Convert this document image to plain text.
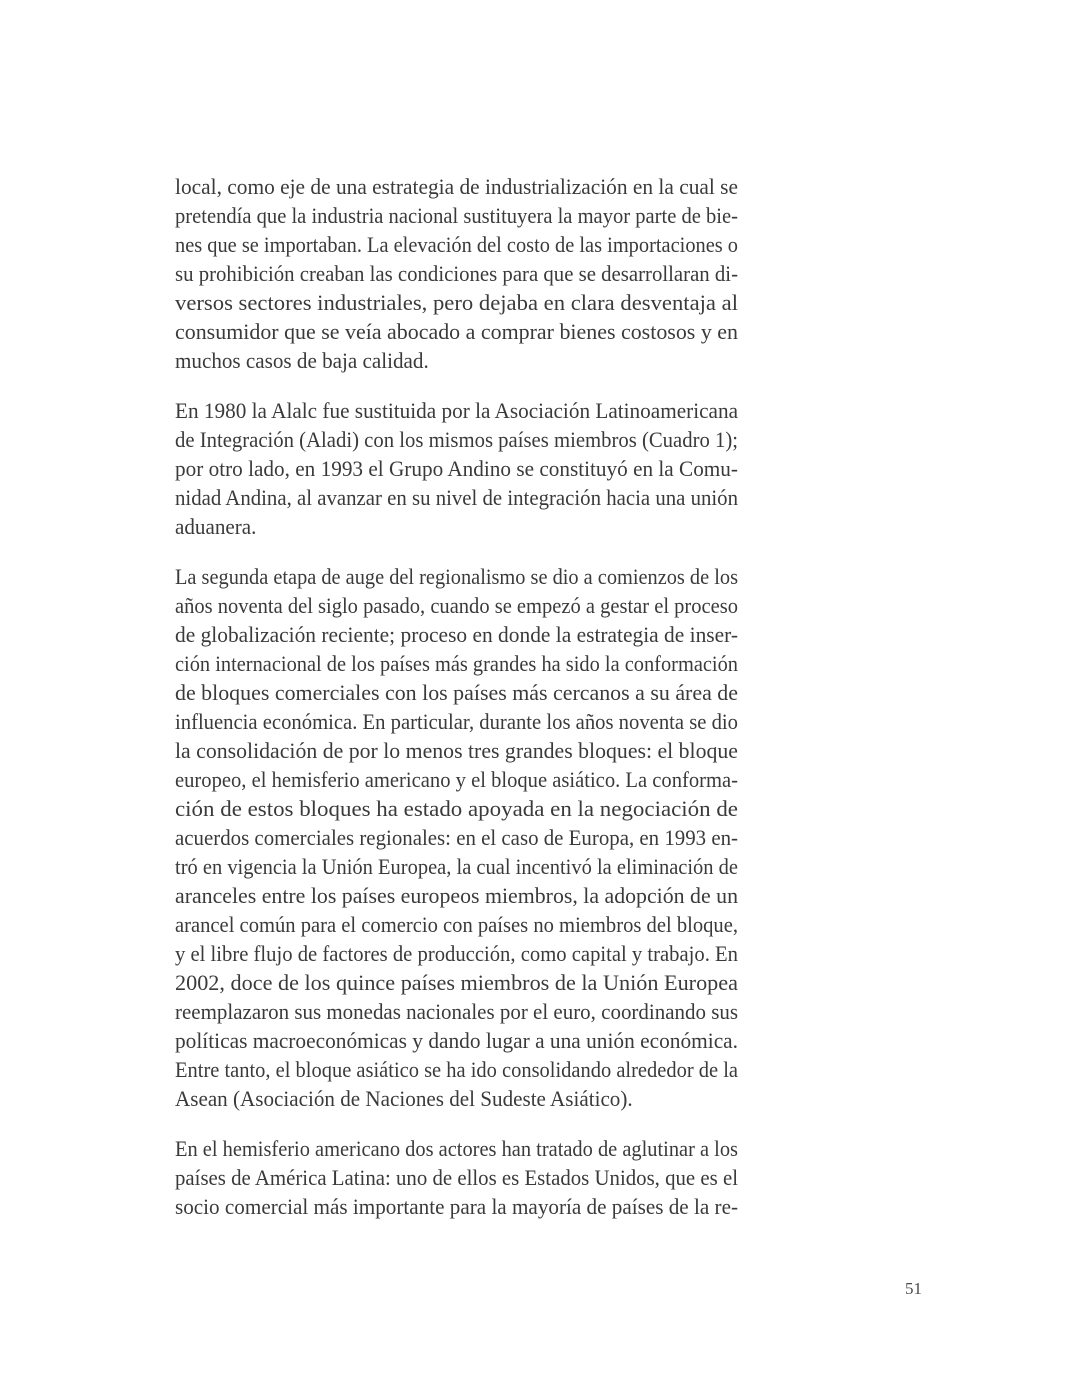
local, como eje de una estrategia de industrialización en la cual se
pretendía que la industria nacional sustituyera la mayor parte de bie-
nes que se importaban. La elevación del costo de las importaciones o
su prohibición creaban las condiciones para que se desarrollaran di-
versos sectores industriales, pero dejaba en clara desventaja al
consumidor que se veía abocado a comprar bienes costosos y en
muchos casos de baja calidad.
En 1980 la Alalc fue sustituida por la Asociación Latinoamericana
de Integración (Aladi) con los mismos países miembros (Cuadro 1);
por otro lado, en 1993 el Grupo Andino se constituyó en la Comu-
nidad Andina, al avanzar en su nivel de integración hacia una unión
aduanera.
La segunda etapa de auge del regionalismo se dio a comienzos de los
años noventa del siglo pasado, cuando se empezó a gestar el proceso
de globalización reciente; proceso en donde la estrategia de inser-
ción internacional de los países más grandes ha sido la conformación
de bloques comerciales con los países más cercanos a su área de
influencia económica. En particular, durante los años noventa se dio
la consolidación de por lo menos tres grandes bloques: el bloque
europeo, el hemisferio americano y el bloque asiático. La conforma-
ción de estos bloques ha estado apoyada en la negociación de
acuerdos comerciales regionales: en el caso de Europa, en 1993 en-
tró en vigencia la Unión Europea, la cual incentivó la eliminación de
aranceles entre los países europeos miembros, la adopción de un
arancel común para el comercio con países no miembros del bloque,
y el libre flujo de factores de producción, como capital y trabajo. En
2002, doce de los quince países miembros de la Unión Europea
reemplazaron sus monedas nacionales por el euro, coordinando sus
políticas macroeconómicas y dando lugar a una unión económica.
Entre tanto, el bloque asiático se ha ido consolidando alrededor de la
Asean (Asociación de Naciones del Sudeste Asiático).
En el hemisferio americano dos actores han tratado de aglutinar a los
países de América Latina: uno de ellos es Estados Unidos, que es el
socio comercial más importante para la mayoría de países de la re-
51
